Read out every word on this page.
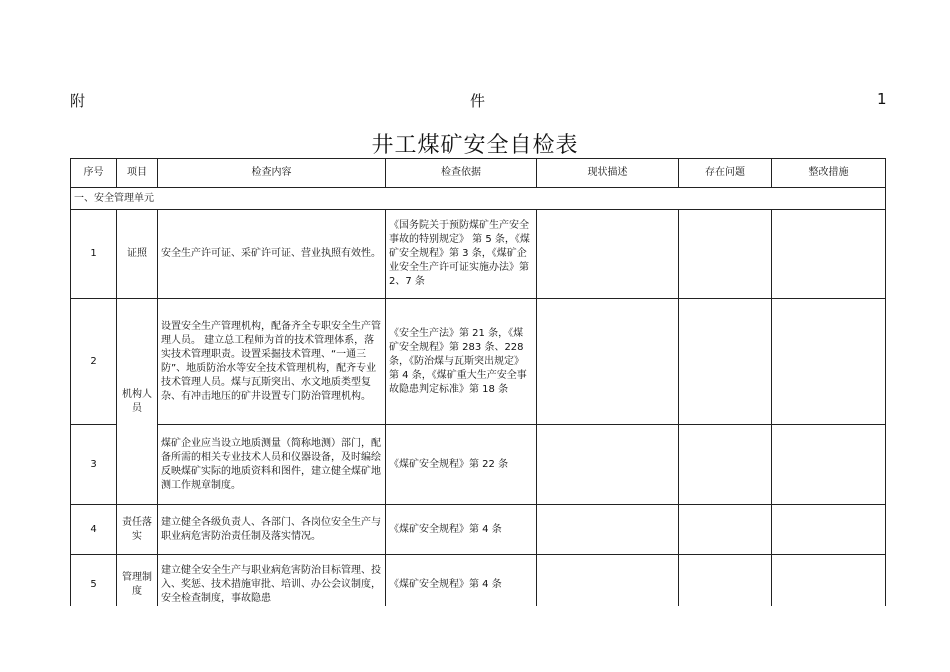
附	件	1
井工煤矿安全自检表
序号	项目	检查内容	检查依据	现状描述	存在问题	整改措施
一、安全管理单元						
1	证照	安全生产许可证、采矿许可证、营业执照有效性。	《国务院关于预防煤矿生产安全事故的特别规定》 第 5 条，《煤矿安全规程》第 3 条，《煤矿企业安全生产许可证实施办法》第 2、7 条			
2	机构人员	设置安全生产管理机构，配备齐全专职安全生产管理人员。 建立总工程师为首的技术管理体系，落实技术管理职责。设置采掘技术管理、“一通三防”、地质防治水等安全技术管理机构，配齐专业技术管理人员。煤与瓦斯突出、水文地质类型复杂、有冲击地压的矿井设置专门防治管理机构。	《安全生产法》第 21 条，《煤矿安全规程》第 283 条、228 条，《防治煤与瓦斯突出规定》第 4 条，《煤矿重大生产安全事故隐患判定标准》第 18 条			
3		煤矿企业应当设立地质测量（简称地测）部门，配备所需的相关专业技术人员和仪器设备，及时编绘反映煤矿实际的地质资料和图件，建立健全煤矿地测工作规章制度。	《煤矿安全规程》第 22 条			
4	责任落实	建立健全各级负责人、各部门、各岗位安全生产与职业病危害防治责任制及落实情况。	《煤矿安全规程》第 4 条			
5	管理制度	建立健全安全生产与职业病危害防治目标管理、投入、奖惩、技术措施审批、培训、办公会议制度，安全检查制度，事故隐患	《煤矿安全规程》第 4 条			
